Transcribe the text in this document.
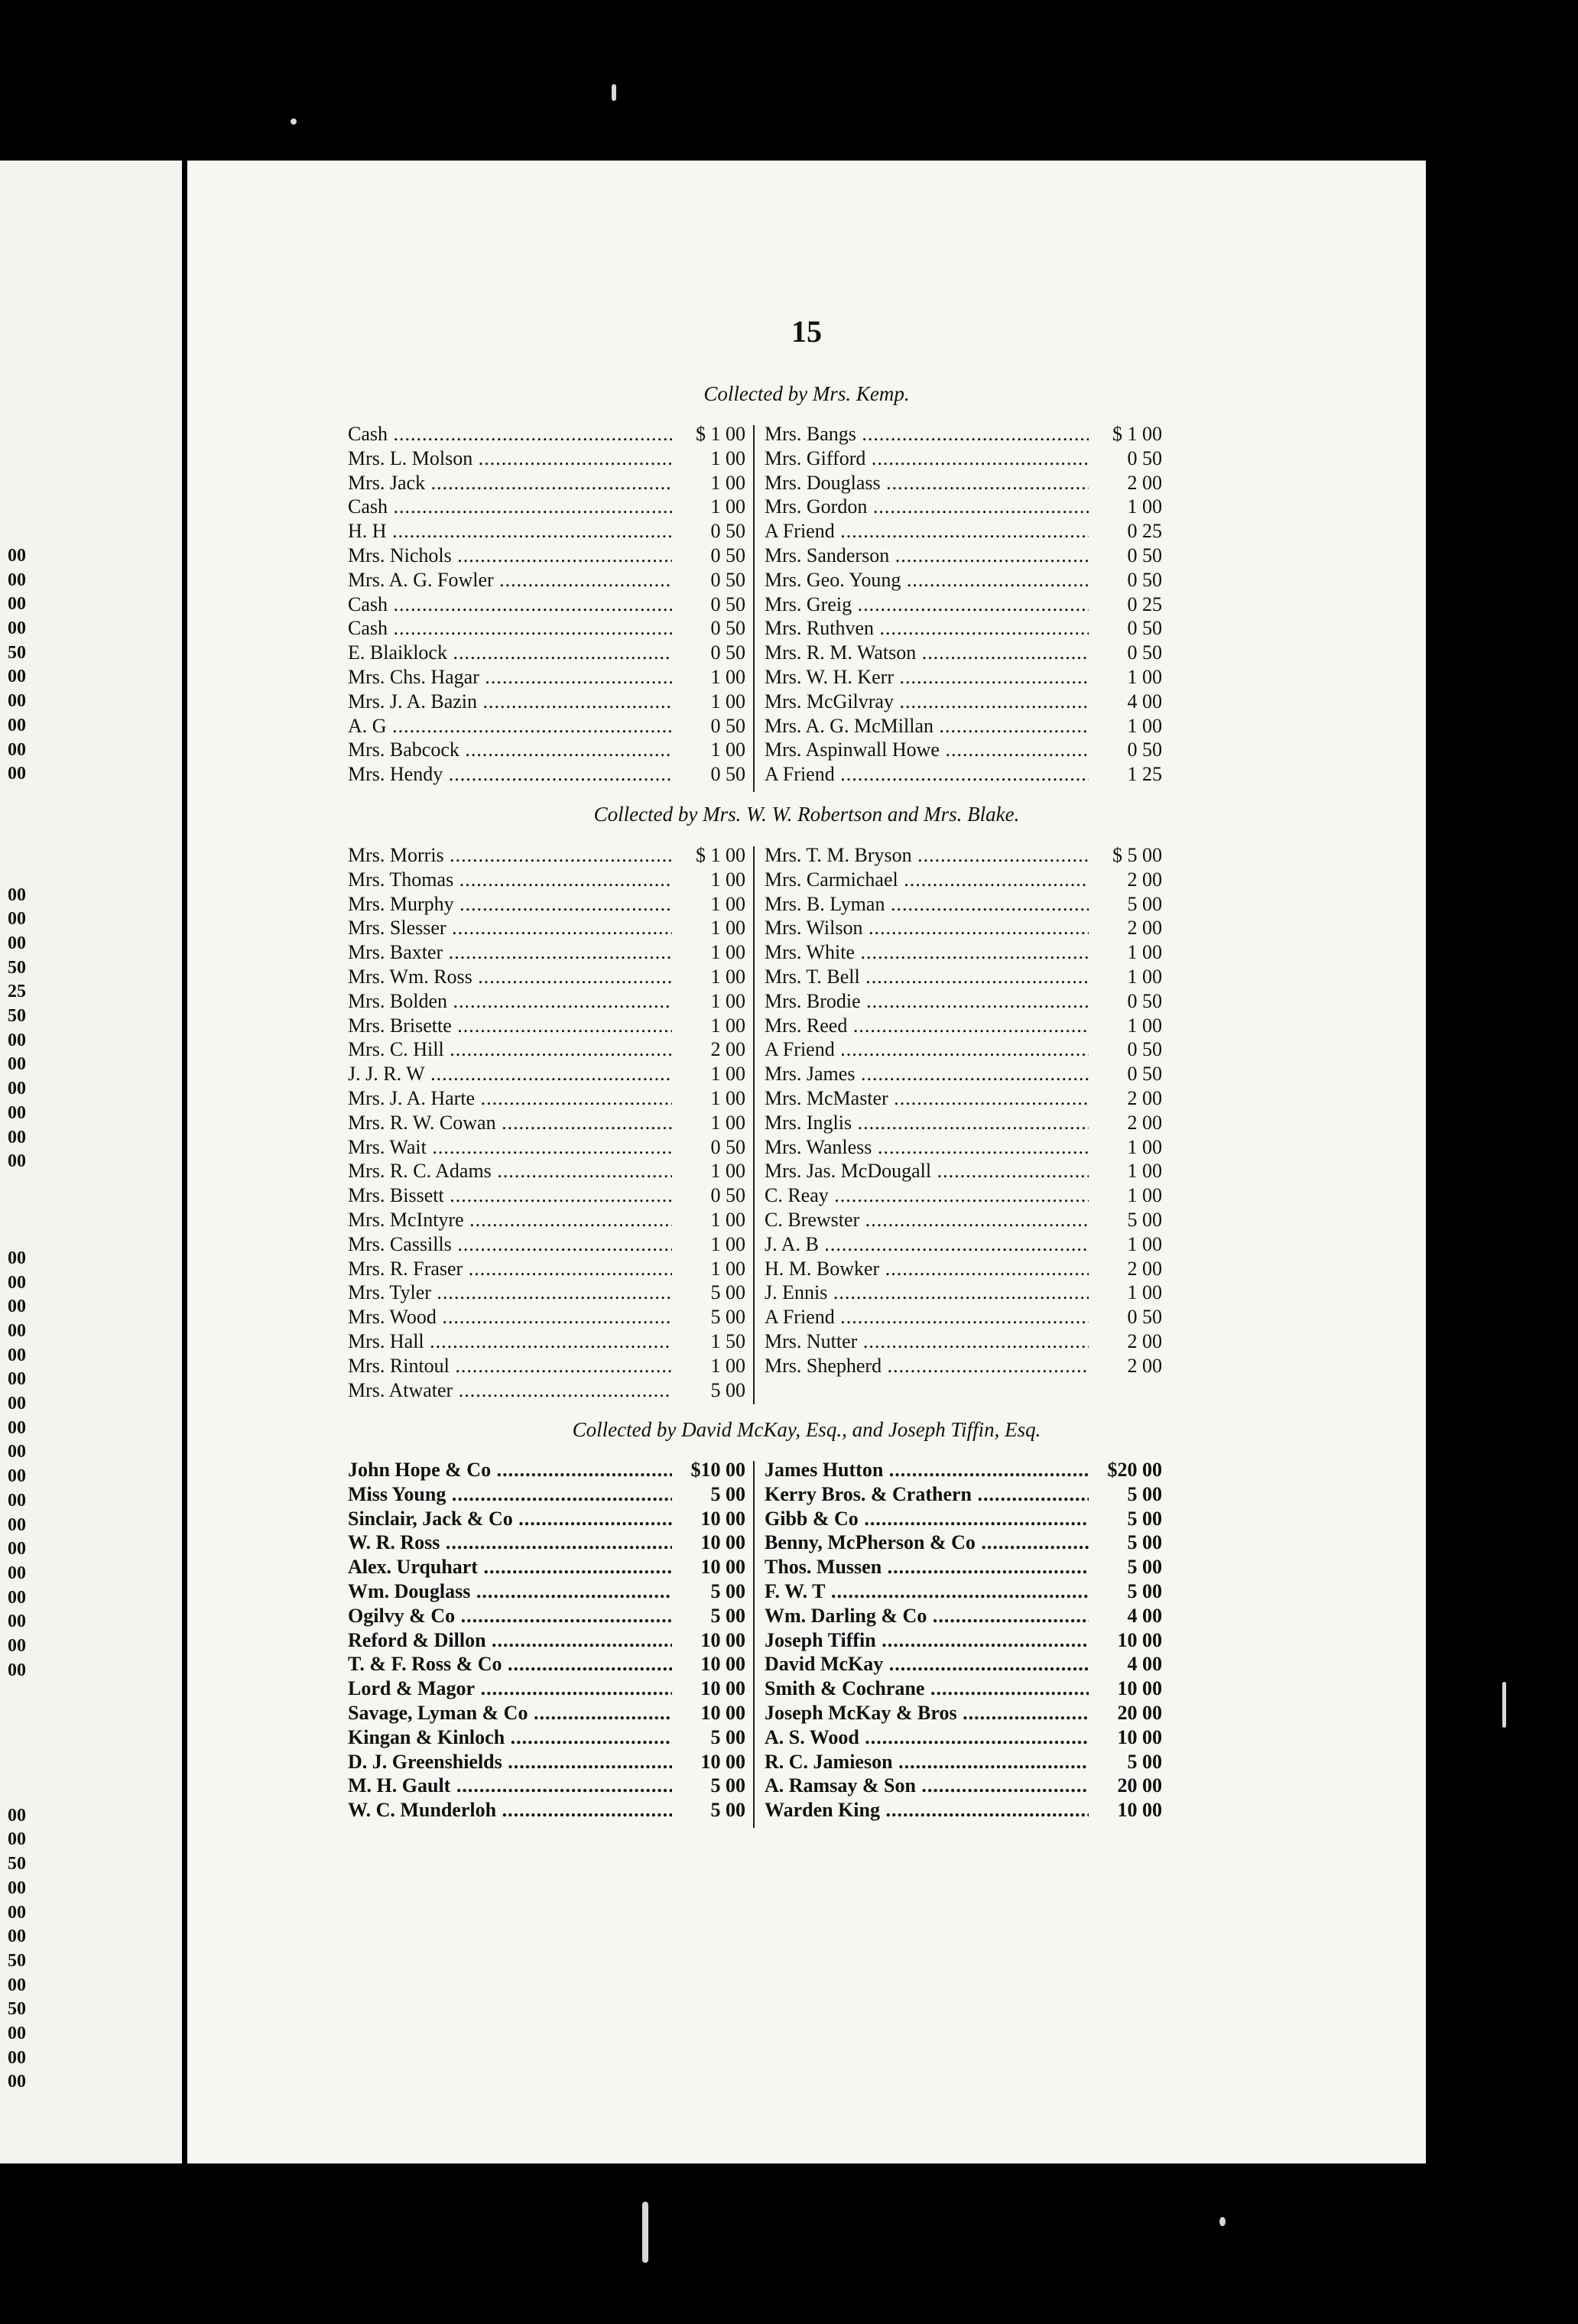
00
00
00
00
50
00
00
00
00
00
00
00
00
50
25
50
00
00
00
00
00
00
00
00
00
00
00
00
00
00
00
00
00
00
00
00
00
00
00
00
00
00
50
00
00
00
50
00
50
00
00
00
15
Collected by Mrs. Kemp.
Cash .....	$ 1 00
Mrs. L. Molson .....	1 00
Mrs. Jack .....	1 00
Cash .....	1 00
H. H .....	0 50
Mrs. Nichols .....	0 50
Mrs. A. G. Fowler .....	0 50
Cash .....	0 50
Cash .....	0 50
E. Blaiklock .....	0 50
Mrs. Chs. Hagar .....	1 00
Mrs. J. A. Bazin .....	1 00
A. G .....	0 50
Mrs. Babcock .....	1 00
Mrs. Hendy .....	0 50
Mrs. Bangs .....	$ 1 00
Mrs. Gifford .....	0 50
Mrs. Douglass .....	2 00
Mrs. Gordon .....	1 00
A Friend .....	0 25
Mrs. Sanderson .....	0 50
Mrs. Geo. Young .....	0 50
Mrs. Greig .....	0 25
Mrs. Ruthven .....	0 50
Mrs. R. M. Watson .....	0 50
Mrs. W. H. Kerr .....	1 00
Mrs. McGilvray .....	4 00
Mrs. A. G. McMillan .....	1 00
Mrs. Aspinwall Howe .....	0 50
A Friend .....	1 25
Collected by Mrs. W. W. Robertson and Mrs. Blake.
Mrs. Morris .....	$ 1 00
Mrs. Thomas .....	1 00
Mrs. Murphy .....	1 00
Mrs. Slesser .....	1 00
Mrs. Baxter .....	1 00
Mrs. Wm. Ross .....	1 00
Mrs. Bolden .....	1 00
Mrs. Brisette .....	1 00
Mrs. C. Hill .....	2 00
J. J. R. W .....	1 00
Mrs. J. A. Harte .....	1 00
Mrs. R. W. Cowan .....	1 00
Mrs. Wait .....	0 50
Mrs. R. C. Adams .....	1 00
Mrs. Bissett .....	0 50
Mrs. McIntyre .....	1 00
Mrs. Cassills .....	1 00
Mrs. R. Fraser .....	1 00
Mrs. Tyler .....	5 00
Mrs. Wood .....	5 00
Mrs. Hall .....	1 50
Mrs. Rintoul .....	1 00
Mrs. Atwater .....	5 00
Mrs. T. M. Bryson .....	$ 5 00
Mrs. Carmichael .....	2 00
Mrs. B. Lyman .....	5 00
Mrs. Wilson .....	2 00
Mrs. White .....	1 00
Mrs. T. Bell .....	1 00
Mrs. Brodie .....	0 50
Mrs. Reed .....	1 00
A Friend .....	0 50
Mrs. James .....	0 50
Mrs. McMaster .....	2 00
Mrs. Inglis .....	2 00
Mrs. Wanless .....	1 00
Mrs. Jas. McDougall .....	1 00
C. Reay .....	1 00
C. Brewster .....	5 00
J. A. B .....	1 00
H. M. Bowker .....	2 00
J. Ennis .....	1 00
A Friend .....	0 50
Mrs. Nutter .....	2 00
Mrs. Shepherd .....	2 00
Collected by David McKay, Esq., and Joseph Tiffin, Esq.
John Hope & Co .....	$10 00
Miss Young .....	5 00
Sinclair, Jack & Co .....	10 00
W. R. Ross .....	10 00
Alex. Urquhart .....	10 00
Wm. Douglass .....	5 00
Ogilvy & Co .....	5 00
Reford & Dillon .....	10 00
T. & F. Ross & Co .....	10 00
Lord & Magor .....	10 00
Savage, Lyman & Co .....	10 00
Kingan & Kinloch .....	5 00
D. J. Greenshields .....	10 00
M. H. Gault .....	5 00
W. C. Munderloh .....	5 00
James Hutton .....	$20 00
Kerry Bros. & Crathern .....	5 00
Gibb & Co .....	5 00
Benny, McPherson & Co .....	5 00
Thos. Mussen .....	5 00
F. W. T .....	5 00
Wm. Darling & Co .....	4 00
Joseph Tiffin .....	10 00
David McKay .....	4 00
Smith & Cochrane .....	10 00
Joseph McKay & Bros .....	20 00
A. S. Wood .....	10 00
R. C. Jamieson .....	5 00
A. Ramsay & Son .....	20 00
Warden King .....	10 00
